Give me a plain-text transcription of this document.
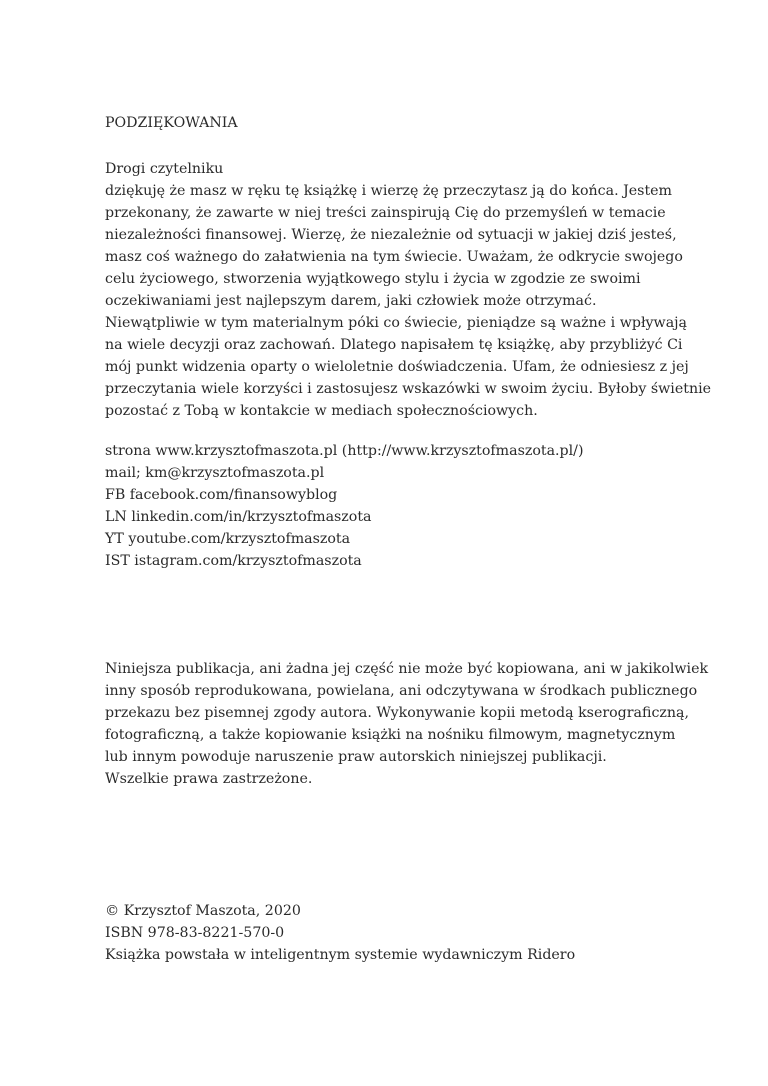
PODZIĘKOWANIA
Drogi czytelniku
dziękuję że masz w ręku tę książkę i wierzę żę przeczytasz ją do końca. Jestem
przekonany, że zawarte w niej treści zainspirują Cię do przemyśleń w temacie
niezależności finansowej. Wierzę, że niezależnie od sytuacji w jakiej dziś jesteś,
masz coś ważnego do załatwienia na tym świecie. Uważam, że odkrycie swojego
celu życiowego, stworzenia wyjątkowego stylu i życia w zgodzie ze swoimi
oczekiwaniami jest najlepszym darem, jaki człowiek może otrzymać.
Niewątpliwie w tym materialnym póki co świecie, pieniądze są ważne i wpływają
na wiele decyzji oraz zachowań. Dlatego napisałem tę książkę, aby przybliżyć Ci
mój punkt widzenia oparty o wieloletnie doświadczenia. Ufam, że odniesiesz z jej
przeczytania wiele korzyści i zastosujesz wskazówki w swoim życiu. Byłoby świetnie
pozostać z Tobą w kontakcie w mediach społecznościowych.
strona www.krzysztofmaszota.pl (http://www.krzysztofmaszota.pl/)
mail; km@krzysztofmaszota.pl
FB facebook.com/finansowyblog
LN linkedin.com/in/krzysztofmaszota
YT youtube.com/krzysztofmaszota
IST istagram.com/krzysztofmaszota
Niniejsza publikacja, ani żadna jej część nie może być kopiowana, ani w jakikolwiek
inny sposób reprodukowana, powielana, ani odczytywana w środkach publicznego
przekazu bez pisemnej zgody autora. Wykonywanie kopii metodą kserograficzną,
fotograficzną, a także kopiowanie książki na nośniku filmowym, magnetycznym
lub innym powoduje naruszenie praw autorskich niniejszej publikacji.
Wszelkie prawa zastrzeżone.
© Krzysztof Maszota, 2020
ISBN 978-83-8221-570-0
Książka powstała w inteligentnym systemie wydawniczym Ridero
